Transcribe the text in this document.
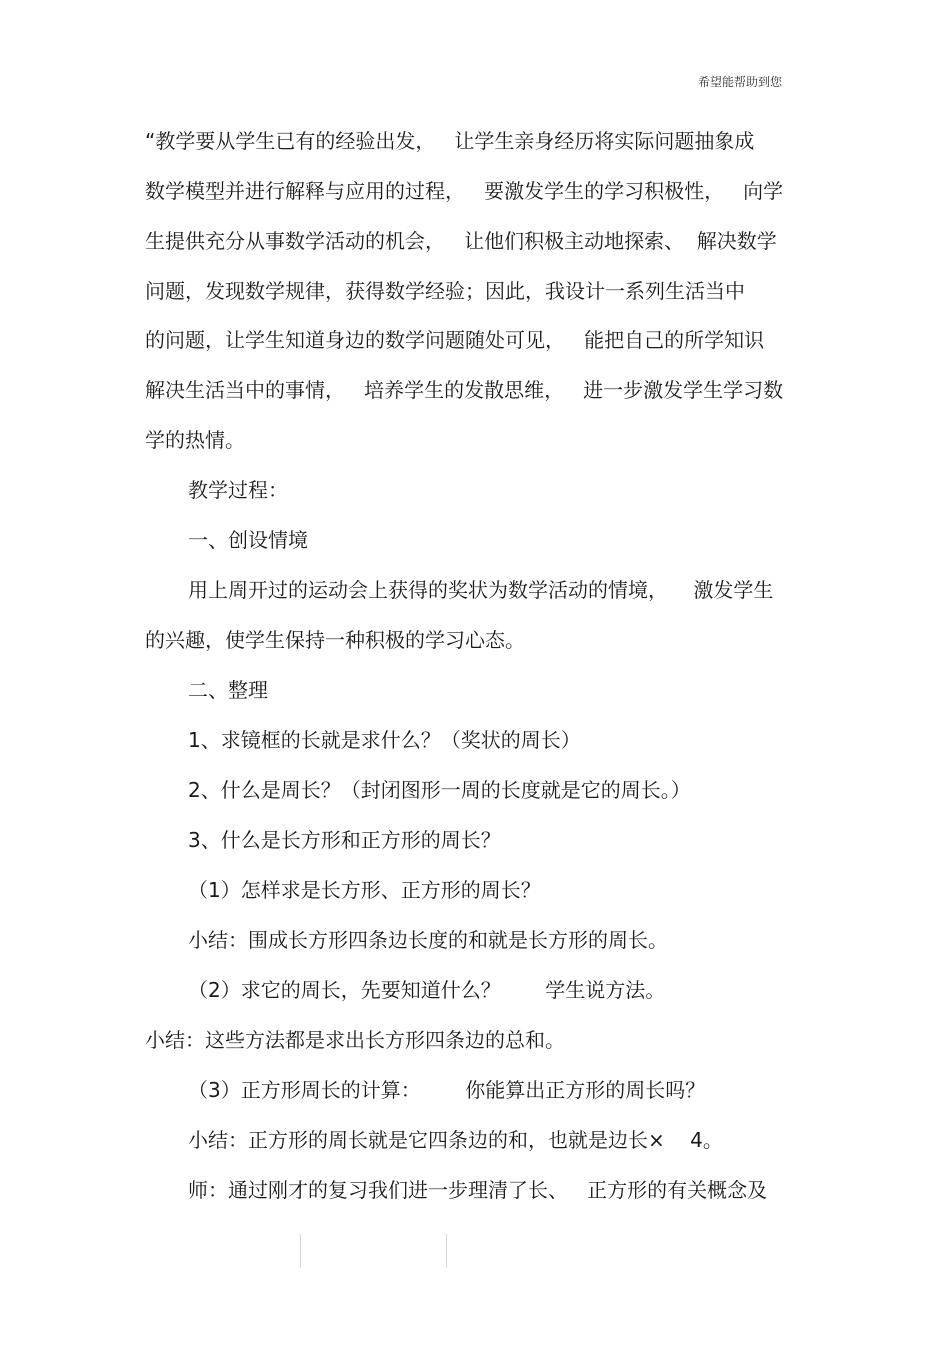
希望能帮助到您
“教学要从学生已有的经验出发，   让学生亲身经历将实际问题抽象成
数学模型并进行解释与应用的过程，   要激发学生的学习积极性，   向学
生提供充分从事数学活动的机会，   让他们积极主动地探索、  解决数学
问题，发现数学规律，获得数学经验；因此，我设计一系列生活当中
的问题，让学生知道身边的数学问题随处可见，   能把自己的所学知识
解决生活当中的事情，   培养学生的发散思维，   进一步激发学生学习数
学的热情。
教学过程：
一、创设情境
用上周开过的运动会上获得的奖状为数学活动的情境，    激发学生
的兴趣，使学生保持一种积极的学习心态。
二、整理
1、求镜框的长就是求什么？（奖状的周长）
2、什么是周长？（封闭图形一周的长度就是它的周长。）
3、什么是长方形和正方形的周长？
（1）怎样求是长方形、正方形的周长？
小结：围成长方形四条边长度的和就是长方形的周长。
（2）求它的周长，先要知道什么？       学生说方法。
小结：这些方法都是求出长方形四条边的总和。
（3）正方形周长的计算：       你能算出正方形的周长吗？
小结：正方形的周长就是它四条边的和，也就是边长×    4。
师：通过刚才的复习我们进一步理清了长、   正方形的有关概念及
